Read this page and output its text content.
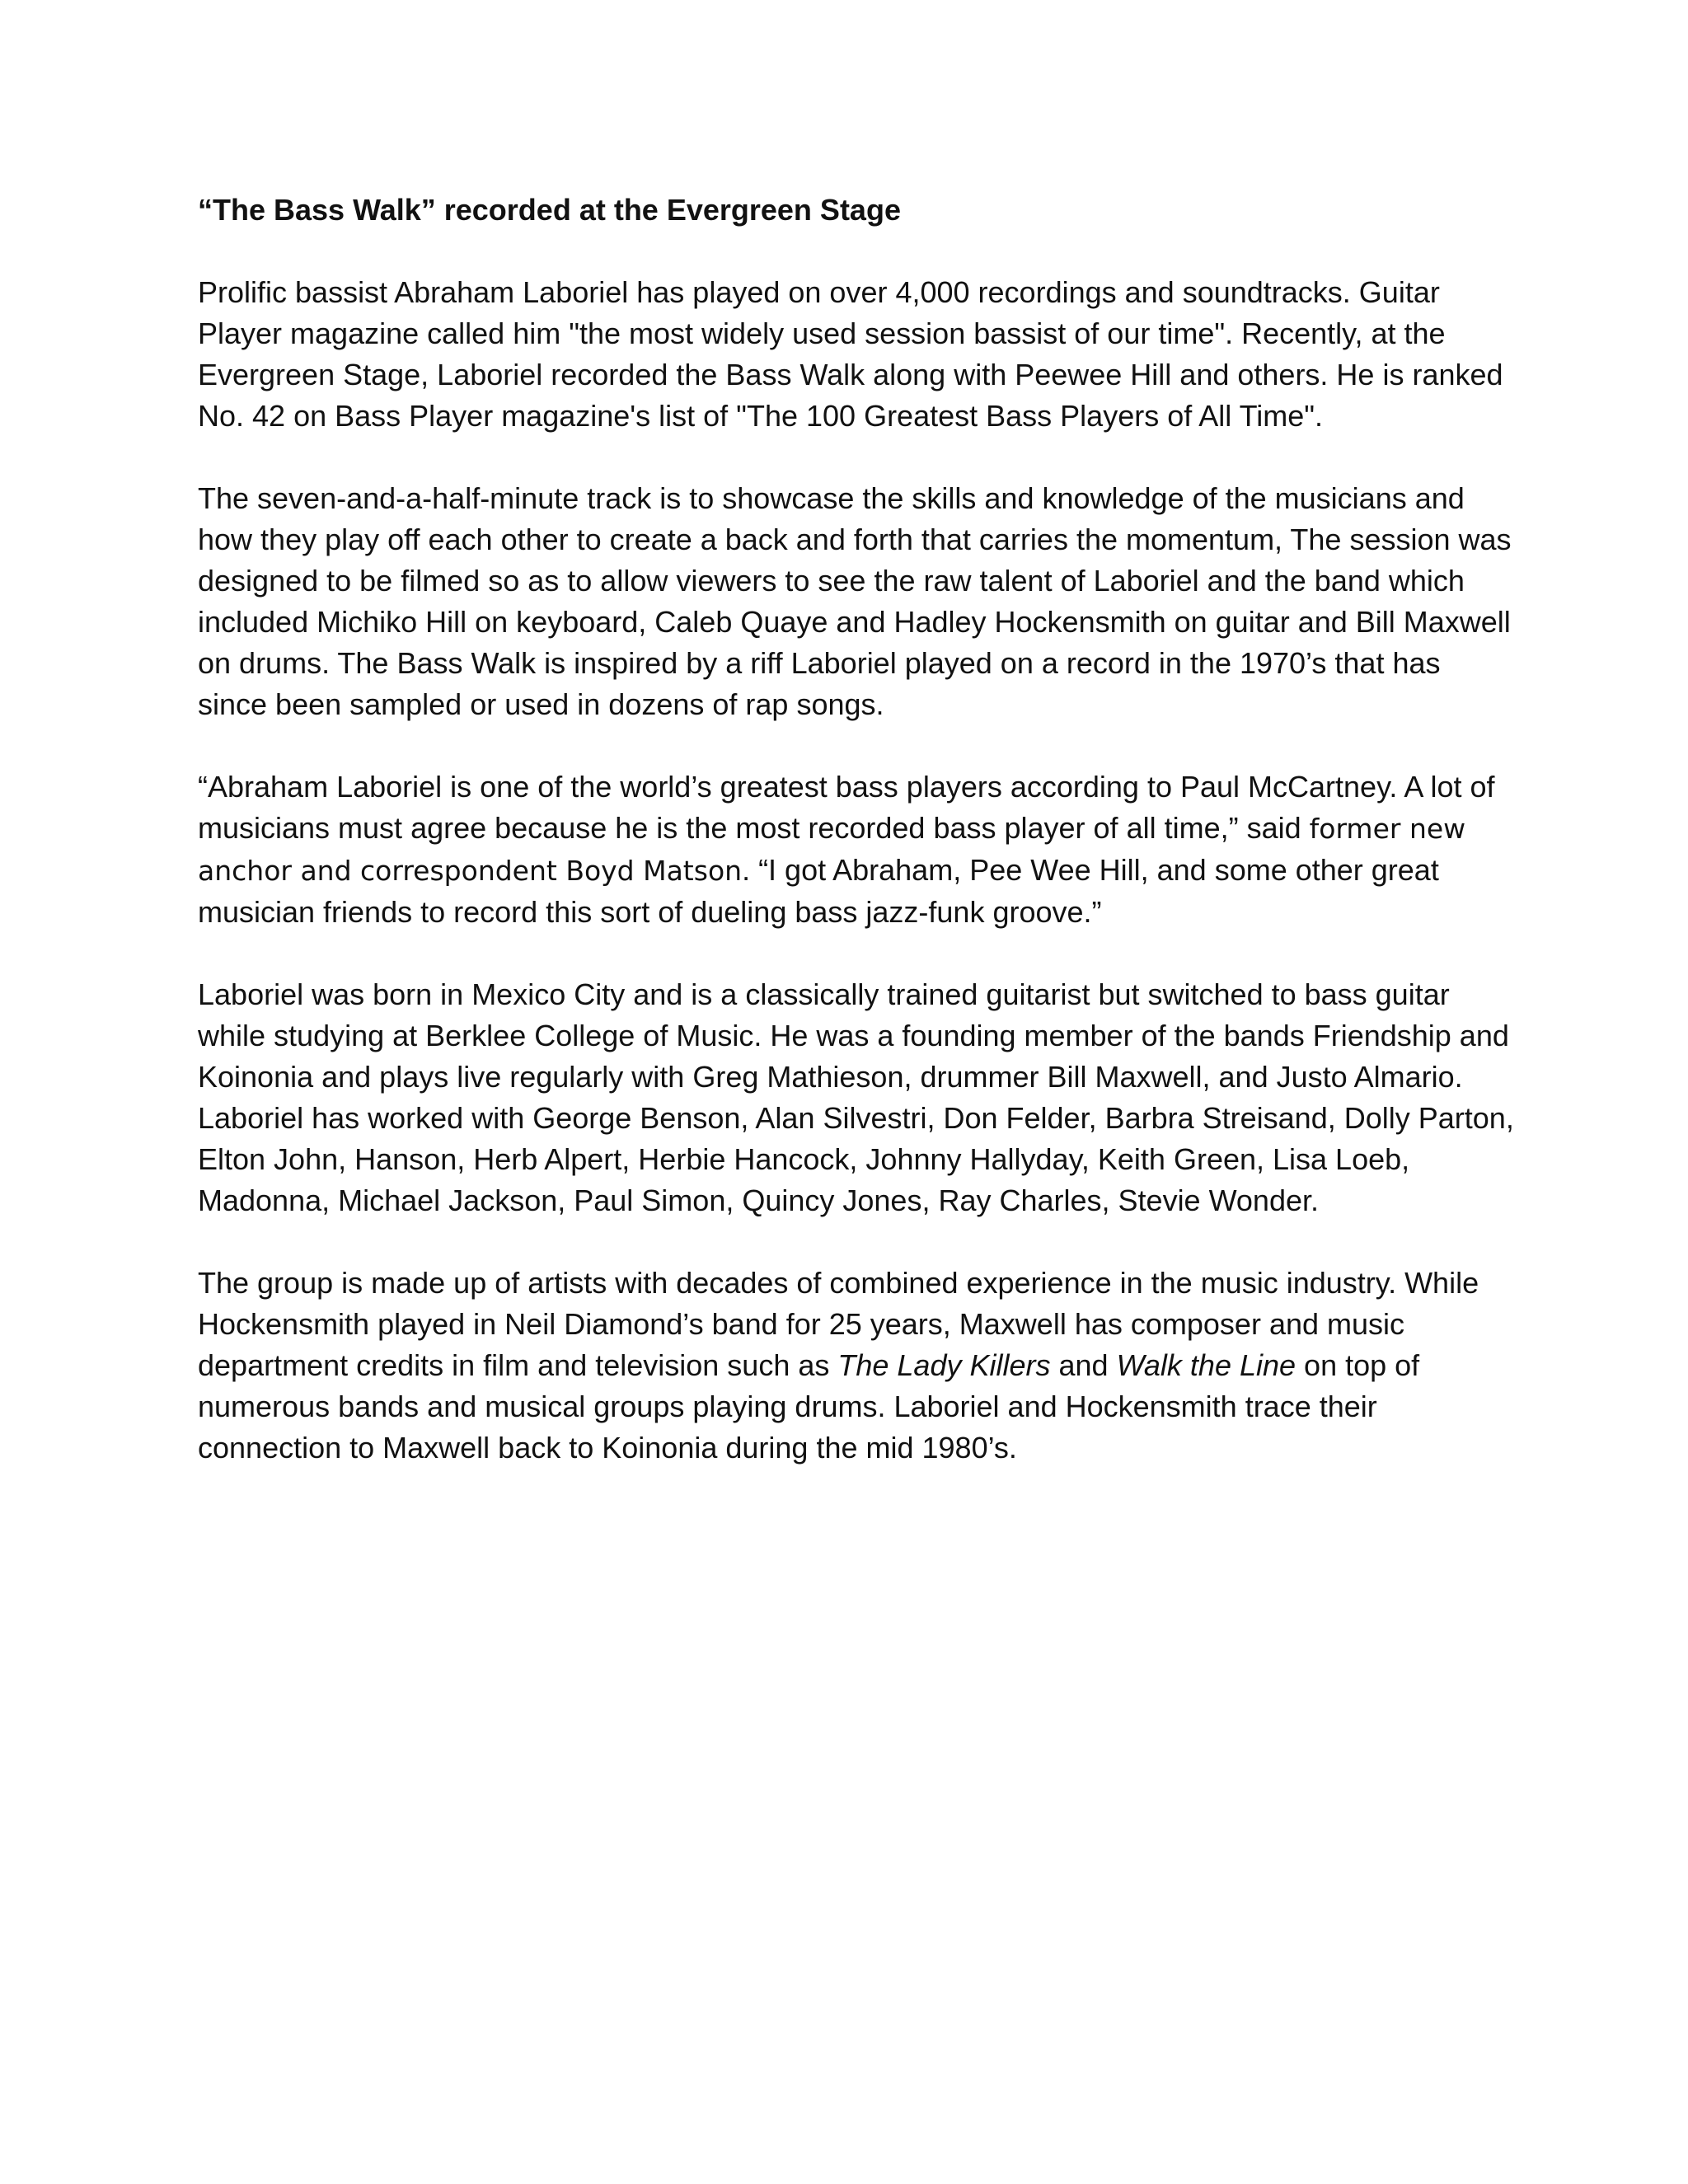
“The Bass Walk” recorded at the Evergreen Stage

Prolific bassist Abraham Laboriel has played on over 4,000 recordings and soundtracks. Guitar Player magazine called him "the most widely used session bassist of our time". Recently, at the Evergreen Stage, Laboriel recorded the Bass Walk along with Peewee Hill and others. He is ranked No. 42 on Bass Player magazine's list of "The 100 Greatest Bass Players of All Time".

The seven-and-a-half-minute track is to showcase the skills and knowledge of the musicians and how they play off each other to create a back and forth that carries the momentum, The session was designed to be filmed so as to allow viewers to see the raw talent of Laboriel and the band which included Michiko Hill on keyboard, Caleb Quaye and Hadley Hockensmith on guitar and Bill Maxwell on drums. The Bass Walk is inspired by a riff Laboriel played on a record in the 1970’s that has since been sampled or used in dozens of rap songs.

“Abraham Laboriel is one of the world’s greatest bass players according to Paul McCartney. A lot of musicians must agree because he is the most recorded bass player of all time,” said former new anchor and correspondent Boyd Matson. “I got Abraham, Pee Wee Hill, and some other great musician friends to record this sort of dueling bass jazz-funk groove.”

Laboriel was born in Mexico City and is a classically trained guitarist but switched to bass guitar while studying at Berklee College of Music. He was a founding member of the bands Friendship and Koinonia and plays live regularly with Greg Mathieson, drummer Bill Maxwell, and Justo Almario. Laboriel has worked with George Benson, Alan Silvestri, Don Felder, Barbra Streisand, Dolly Parton, Elton John, Hanson, Herb Alpert, Herbie Hancock, Johnny Hallyday, Keith Green, Lisa Loeb, Madonna, Michael Jackson, Paul Simon, Quincy Jones, Ray Charles, Stevie Wonder.

The group is made up of artists with decades of combined experience in the music industry. While Hockensmith played in Neil Diamond’s band for 25 years, Maxwell has composer and music department credits in film and television such as The Lady Killers and Walk the Line on top of numerous bands and musical groups playing drums. Laboriel and Hockensmith trace their connection to Maxwell back to Koinonia during the mid 1980’s.
